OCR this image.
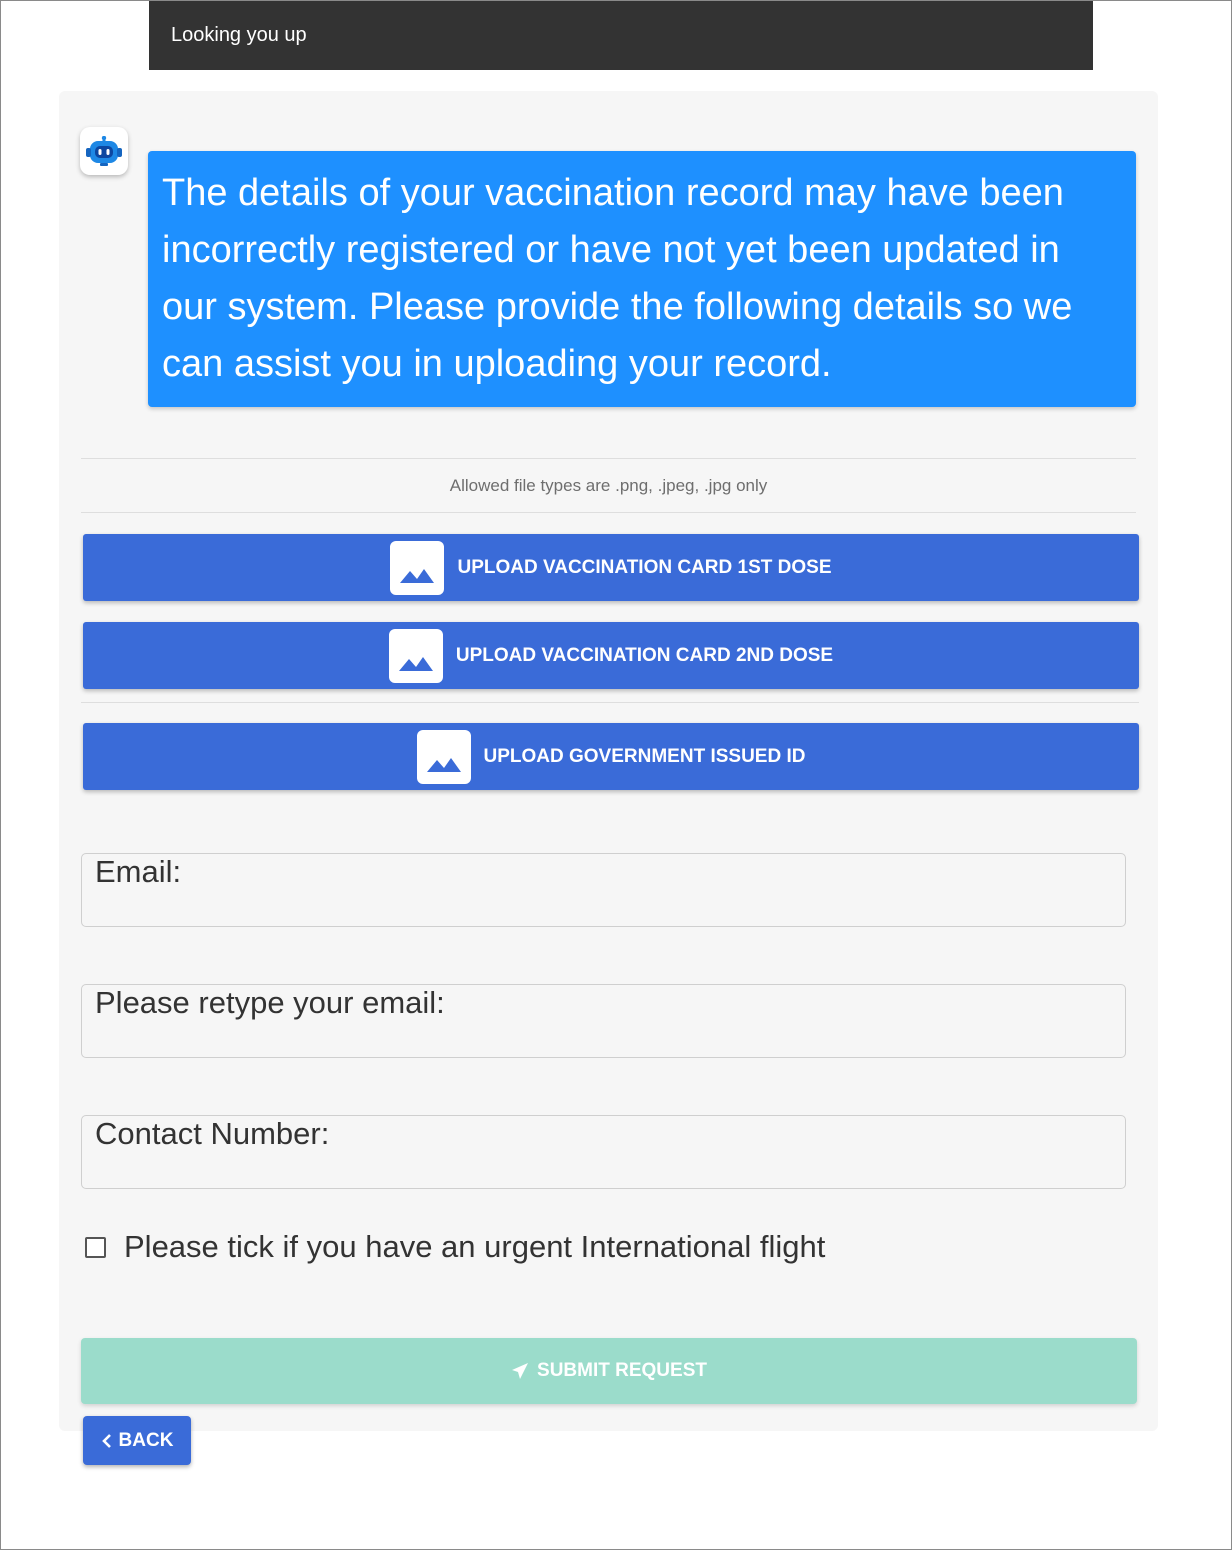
Looking you up
The details of your vaccination record may have been incorrectly registered or have not yet been updated in our system. Please provide the following details so we can assist you in uploading your record.
Allowed file types are .png, .jpeg, .jpg only
UPLOAD VACCINATION CARD 1ST DOSE
UPLOAD VACCINATION CARD 2ND DOSE
UPLOAD GOVERNMENT ISSUED ID
Email:
Please retype your email:
Contact Number:
Please tick if you have an urgent International flight
SUBMIT REQUEST
BACK
